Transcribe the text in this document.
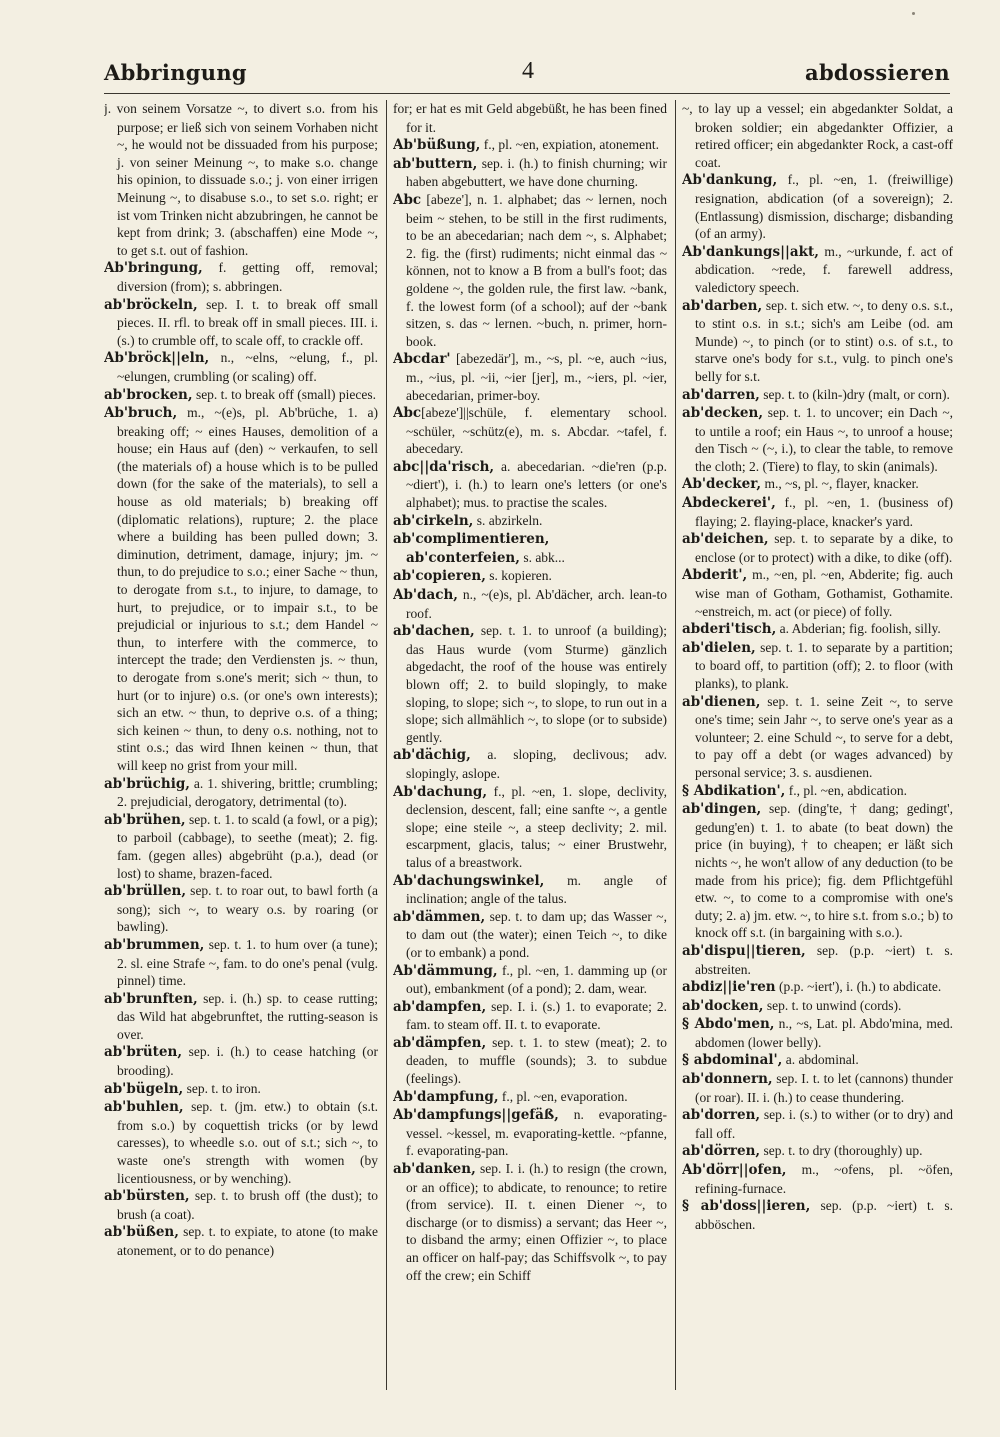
Abbringung	4	abdossieren

j. von seinem Vorsatze ~, to divert s.o. from his purpose; er ließ sich von seinem Vorhaben nicht ~, he would not be dissuaded from his purpose; j. von seiner Meinung ~, to make s.o. change his opinion, to dissuade s.o.; j. von einer irrigen Meinung ~, to disabuse s.o., to set s.o. right; er ist vom Trinken nicht abzubringen, he cannot be kept from drink; 3. (abschaffen) eine Mode ~, to get s.t. out of fashion.

Ab'bringung, f. getting off, removal; diversion (from); s. abbringen.

ab'bröckeln, sep. I. t. to break off small pieces. II. rfl. to break off in small pieces. III. i. (s.) to crumble off, to scale off, to crackle off.

Ab'bröck||eln, n., ~elns, ~elung, f., pl. ~elungen, crumbling (or scaling) off.

ab'brocken, sep. t. to break off (small) pieces.

Ab'bruch, m., ~(e)s, pl. Ab'brüche, 1. a) breaking off; ~ eines Hauses, demolition of a house; ein Haus auf (den) ~ verkaufen, to sell (the materials of) a house which is to be pulled down (for the sake of the materials), to sell a house as old materials; b) breaking off (diplomatic relations), rupture; 2. the place where a building has been pulled down; 3. diminution, detriment, damage, injury; jm. ~ thun, to do prejudice to s.o.; einer Sache ~ thun, to derogate from s.t., to injure, to damage, to hurt, to prejudice, or to impair s.t., to be prejudicial or injurious to s.t.; dem Handel ~ thun, to interfere with the commerce, to intercept the trade; den Verdiensten js. ~ thun, to derogate from s.one's merit; sich ~ thun, to hurt (or to injure) o.s. (or one's own interests); sich an etw. ~ thun, to deprive o.s. of a thing; sich keinen ~ thun, to deny o.s. nothing, not to stint o.s.; das wird Ihnen keinen ~ thun, that will keep no grist from your mill.

ab'brüchig, a. 1. shivering, brittle; crumbling; 2. prejudicial, derogatory, detrimental (to).

ab'brühen, sep. t. 1. to scald (a fowl, or a pig); to parboil (cabbage), to seethe (meat); 2. fig. fam. (gegen alles) abgebrüht (p.a.), dead (or lost) to shame, brazen-faced.

ab'brüllen, sep. t. to roar out, to bawl forth (a song); sich ~, to weary o.s. by roaring (or bawling).

ab'brummen, sep. t. 1. to hum over (a tune); 2. sl. eine Strafe ~, fam. to do one's penal (vulg. pinnel) time.

ab'brunften, sep. i. (h.) sp. to cease rutting; das Wild hat abgebrunftet, the rutting-season is over.

ab'brüten, sep. i. (h.) to cease hatching (or brooding).

ab'bügeln, sep. t. to iron.

ab'buhlen, sep. t. (jm. etw.) to obtain (s.t. from s.o.) by coquettish tricks (or by lewd caresses), to wheedle s.o. out of s.t.; sich ~, to waste one's strength with women (by licentiousness, or by wenching).

ab'bürsten, sep. t. to brush off (the dust); to brush (a coat).

ab'büßen, sep. t. to expiate, to atone (to make atonement, or to do penance)

for; er hat es mit Geld abgebüßt, he has been fined for it.

Ab'büßung, f., pl. ~en, expiation, atonement.

ab'buttern, sep. i. (h.) to finish churning; wir haben abgebuttert, we have done churning.

Abc [abeze'], n. 1. alphabet; das ~ lernen, noch beim ~ stehen, to be still in the first rudiments, to be an abecedarian; nach dem ~, s. Alphabet; 2. fig. the (first) rudiments; nicht einmal das ~ können, not to know a B from a bull's foot; das goldene ~, the golden rule, the first law. ~bank, f. the lowest form (of a school); auf der ~bank sitzen, s. das ~ lernen. ~buch, n. primer, horn-book.

Abcdar' [abezedär'], m., ~s, pl. ~e, auch ~ius, m., ~ius, pl. ~ii, ~ier [jer], m., ~iers, pl. ~ier, abecedarian, primer-boy.

Abc[abeze']||schüle, f. elementary school. ~schüler, ~schütz(e), m. s. Abcdar. ~tafel, f. abecedary.

abc||da'risch, a. abecedarian. ~die'ren (p.p. ~diert'), i. (h.) to learn one's letters (or one's alphabet); mus. to practise the scales.

ab'cirkeln, s. abzirkeln.

ab'complimentieren, ab'conterfeien, s. abk...

ab'copieren, s. kopieren.

Ab'dach, n., ~(e)s, pl. Ab'dächer, arch. lean-to roof.

ab'dachen, sep. t. 1. to unroof (a building); das Haus wurde (vom Sturme) gänzlich abgedacht, the roof of the house was entirely blown off; 2. to build slopingly, to make sloping, to slope; sich ~, to slope, to run out in a slope; sich allmählich ~, to slope (or to subside) gently.

ab'dächig, a. sloping, declivous; adv. slopingly, aslope.

Ab'dachung, f., pl. ~en, 1. slope, declivity, declension, descent, fall; eine sanfte ~, a gentle slope; eine steile ~, a steep declivity; 2. mil. escarpment, glacis, talus; ~ einer Brustwehr, talus of a breastwork.

Ab'dachungswinkel, m. angle of inclination; angle of the talus.

ab'dämmen, sep. t. to dam up; das Wasser ~, to dam out (the water); einen Teich ~, to dike (or to embank) a pond.

Ab'dämmung, f., pl. ~en, 1. damming up (or out), embankment (of a pond); 2. dam, wear.

ab'dampfen, sep. I. i. (s.) 1. to evaporate; 2. fam. to steam off. II. t. to evaporate.

ab'dämpfen, sep. t. 1. to stew (meat); 2. to deaden, to muffle (sounds); 3. to subdue (feelings).

Ab'dampfung, f., pl. ~en, evaporation.

Ab'dampfungs||gefäß, n. evaporating-vessel. ~kessel, m. evaporating-kettle. ~pfanne, f. evaporating-pan.

ab'danken, sep. I. i. (h.) to resign (the crown, or an office); to abdicate, to renounce; to retire (from service). II. t. einen Diener ~, to discharge (or to dismiss) a servant; das Heer ~, to disband the army; einen Offizier ~, to place an officer on half-pay; das Schiffsvolk ~, to pay off the crew; ein Schiff

~, to lay up a vessel; ein abgedankter Soldat, a broken soldier; ein abgedankter Offizier, a retired officer; ein abgedankter Rock, a cast-off coat.

Ab'dankung, f., pl. ~en, 1. (freiwillige) resignation, abdication (of a sovereign); 2. (Entlassung) dismission, discharge; disbanding (of an army).

Ab'dankungs||akt, m., ~urkunde, f. act of abdication. ~rede, f. farewell address, valedictory speech.

ab'darben, sep. t. sich etw. ~, to deny o.s. s.t., to stint o.s. in s.t.; sich's am Leibe (od. am Munde) ~, to pinch (or to stint) o.s. of s.t., to starve one's body for s.t., vulg. to pinch one's belly for s.t.

ab'darren, sep. t. to (kiln-)dry (malt, or corn).

ab'decken, sep. t. 1. to uncover; ein Dach ~, to untile a roof; ein Haus ~, to unroof a house; den Tisch ~ (~, i.), to clear the table, to remove the cloth; 2. (Tiere) to flay, to skin (animals).

Ab'decker, m., ~s, pl. ~, flayer, knacker.

Abdeckerei', f., pl. ~en, 1. (business of) flaying; 2. flaying-place, knacker's yard.

ab'deichen, sep. t. to separate by a dike, to enclose (or to protect) with a dike, to dike (off).

Abderit', m., ~en, pl. ~en, Abderite; fig. auch wise man of Gotham, Gothamist, Gothamite. ~enstreich, m. act (or piece) of folly.

abderi'tisch, a. Abderian; fig. foolish, silly.

ab'dielen, sep. t. 1. to separate by a partition; to board off, to partition (off); 2. to floor (with planks), to plank.

ab'dienen, sep. t. 1. seine Zeit ~, to serve one's time; sein Jahr ~, to serve one's year as a volunteer; 2. eine Schuld ~, to serve for a debt, to pay off a debt (or wages advanced) by personal service; 3. s. ausdienen.

§ Abdikation', f., pl. ~en, abdication.

ab'dingen, sep. (ding'te, † dang; gedingt', gedung'en) t. 1. to abate (to beat down) the price (in buying), † to cheapen; er läßt sich nichts ~, he won't allow of any deduction (to be made from his price); fig. dem Pflichtgefühl etw. ~, to come to a compromise with one's duty; 2. a) jm. etw. ~, to hire s.t. from s.o.; b) to knock off s.t. (in bargaining with s.o.).

ab'dispu||tieren, sep. (p.p. ~iert) t. s. abstreiten.

abdiz||ie'ren (p.p. ~iert'), i. (h.) to abdicate.

ab'docken, sep. t. to unwind (cords).

§ Abdo'men, n., ~s, Lat. pl. Abdo'mina, med. abdomen (lower belly).

§ abdominal', a. abdominal.

ab'donnern, sep. I. t. to let (cannons) thunder (or roar). II. i. (h.) to cease thundering.

ab'dorren, sep. i. (s.) to wither (or to dry) and fall off.

ab'dörren, sep. t. to dry (thoroughly) up.

Ab'dörr||ofen, m., ~ofens, pl. ~öfen, refining-furnace.

§ ab'doss||ieren, sep. (p.p. ~iert) t. s. abböschen.
